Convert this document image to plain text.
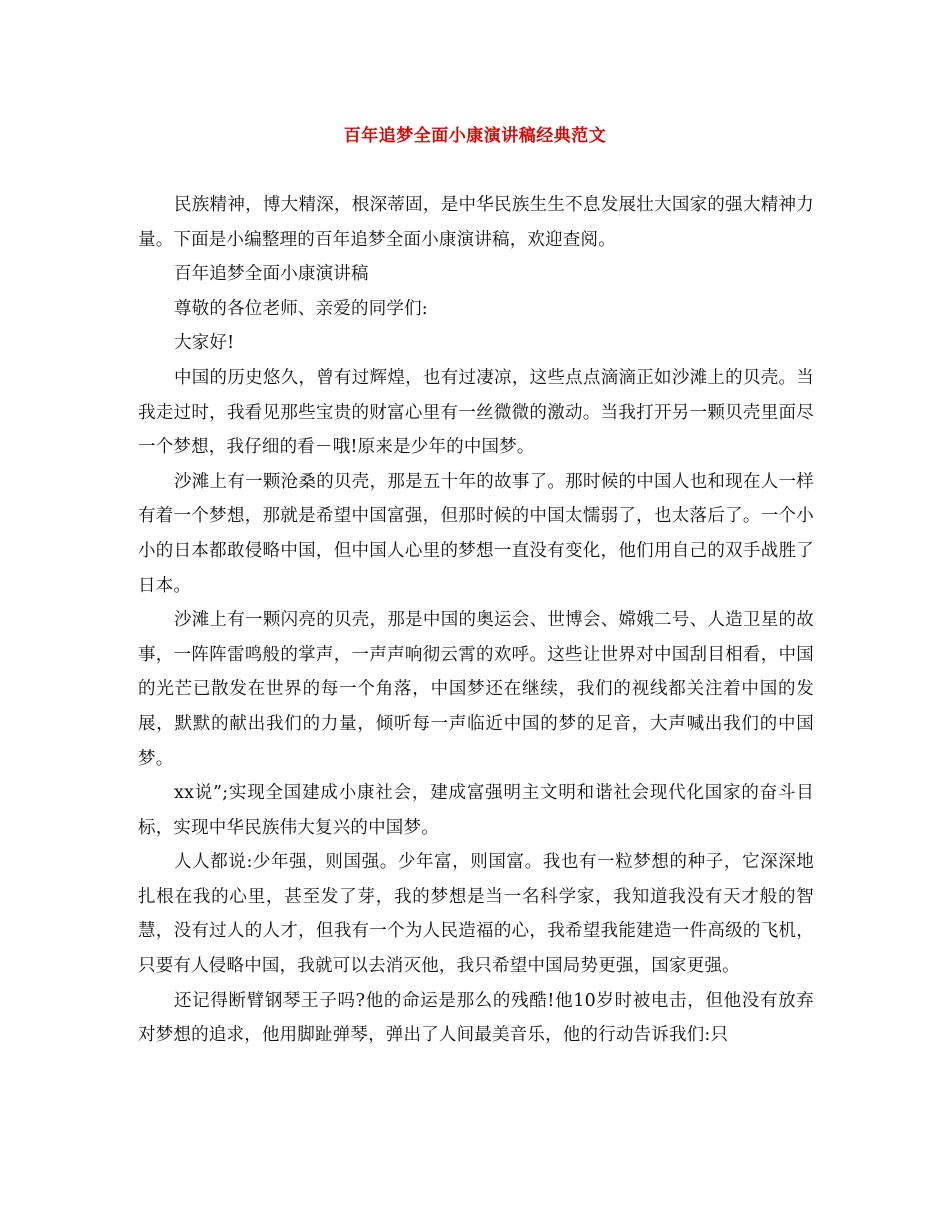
百年追梦全面小康演讲稿经典范文

民族精神，博大精深，根深蒂固，是中华民族生生不息发展壮大国家的强大精神力量。下面是小编整理的百年追梦全面小康演讲稿，欢迎查阅。

百年追梦全面小康演讲稿

尊敬的各位老师、亲爱的同学们:

大家好!

中国的历史悠久，曾有过辉煌，也有过凄凉，这些点点滴滴正如沙滩上的贝壳。当我走过时，我看见那些宝贵的财富心里有一丝微微的激动。当我打开另一颗贝壳里面尽一个梦想，我仔细的看－哦!原来是少年的中国梦。

沙滩上有一颗沧桑的贝壳，那是五十年的故事了。那时候的中国人也和现在人一样有着一个梦想，那就是希望中国富强，但那时候的中国太懦弱了，也太落后了。一个小小的日本都敢侵略中国，但中国人心里的梦想一直没有变化，他们用自己的双手战胜了日本。

沙滩上有一颗闪亮的贝壳，那是中国的奥运会、世博会、嫦娥二号、人造卫星的故事，一阵阵雷鸣般的掌声，一声声响彻云霄的欢呼。这些让世界对中国刮目相看，中国的光芒已散发在世界的每一个角落，中国梦还在继续，我们的视线都关注着中国的发展，默默的献出我们的力量，倾听每一声临近中国的梦的足音，大声喊出我们的中国梦。

xx说”;实现全国建成小康社会，建成富强明主文明和谐社会现代化国家的奋斗目标，实现中华民族伟大复兴的中国梦。

人人都说:少年强，则国强。少年富，则国富。我也有一粒梦想的种子，它深深地扎根在我的心里，甚至发了芽，我的梦想是当一名科学家，我知道我没有天才般的智慧，没有过人的人才，但我有一个为人民造福的心，我希望我能建造一件高级的飞机，只要有人侵略中国，我就可以去消灭他，我只希望中国局势更强，国家更强。

还记得断臂钢琴王子吗?他的命运是那么的残酷!他10岁时被电击，但他没有放弃对梦想的追求，他用脚趾弹琴，弹出了人间最美音乐，他的行动告诉我们:只
